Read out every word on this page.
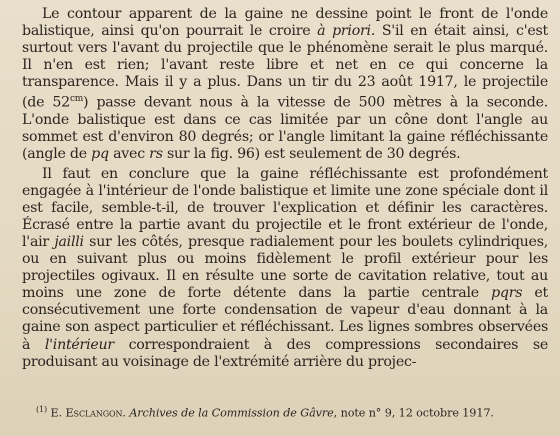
Le contour apparent de la gaine ne dessine point le front de l'onde balistique, ainsi qu'on pourrait le croire à priori. S'il en était ainsi, c'est surtout vers l'avant du projectile que le phénomène serait le plus marqué. Il n'en est rien; l'avant reste libre et net en ce qui concerne la transparence. Mais il y a plus. Dans un tir du 23 août 1917, le projectile (de $52^{cm}$) passe devant nous à la vitesse de 500 mètres à la seconde. L'onde balistique est dans ce cas limitée par un cône dont l'angle au sommet est d'environ 80 degrés; or l'angle limitant la gaine réfléchissante (angle de pq avec rs sur la fig. 96) est seulement de 30 degrés.

Il faut en conclure que la gaine réfléchissante est profondément engagée à l'intérieur de l'onde balistique et limite une zone spéciale dont il est facile, semble-t-il, de trouver l'explication et définir les caractères. Écrasé entre la partie avant du projectile et le front extérieur de l'onde, l'air jailli sur les côtés, presque radialement pour les boulets cylindriques, ou en suivant plus ou moins fidèlement le profil extérieur pour les projectiles ogivaux. Il en résulte une sorte de cavitation relative, tout au moins une zone de forte détente dans la partie centrale pqrs et consécutivement une forte condensation de vapeur d'eau donnant à la gaine son aspect particulier et réfléchissant. Les lignes sombres observées à l'intérieur correspondraient à des compressions secondaires se produisant au voisinage de l'extrémité arrière du projec-

$^{(1)}$ E. Esclangon. Archives de la Commission de Gâvre, note n° 9, 12 octobre 1917.
